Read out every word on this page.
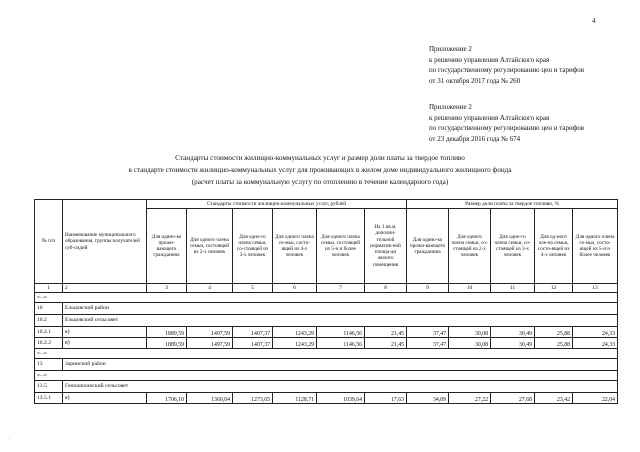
4
Приложение 2
к решению управления Алтайского края
по государственному регулированию цен и тарифов
от 31 октября 2017 года № 260
Приложение 2
к решению управления Алтайского края
по государственному регулированию цен и тарифов
от 23 декабря 2016 года № 674
Стандарты стоимости жилищно-коммунальных услуг и размер доли платы за твердое топливо
в стандарте стоимости жилищно-коммунальных услуг для проживающих в жилом доме индивидуального жилищного фонда
(расчет платы за коммунальную услугу по отоплению в течение календарного года)
№ п/п	Наименование муниципального образования, группы получателей суб-сидий	Стандарты стоимости жилищно-коммунальных услуг, рублей						Размер доли платы за твердое топливо, %				
		Для одино-ко прожи-вающего гражданина	Для одного члена семьи, состоящей из 2-х человек	Для одно-го члена семьи, со-стоящей из 3-х человек	Для одного члена се-мьи, состо-ящей из 4-х человек	Для одного члена семьи, состоящей из 5-и и более человек	На 1 кв.м. дополни-тельной норматив-ной площа-ди жилого помещения	Для одино-ко прожи-вающего гражданина	Для одного члена семьи, со-стоящей из 2-х человек	Для одно-го члена семьи, со-стоящей из 3-х человек	Для од-ного чле-на семьи, состо-ящей из 4-х человек	Для одного члена се-мьи, состо-ящей из 5-и и более человек
1	2	3	4	5	6	7	8	9	10	11	12	13
«...»												
10	Ельцовский район											
10.2	Ельцовский сельсовет											
10.2.1	а)	1889,59	1497,59	1407,37	1243,29	1146,56	21,45	37,47	30,08	30,49	25,88	24,33
10.2.2	в)	1889,59	1497,59	1407,37	1243,29	1146,56	21,45	37,47	30,08	30,49	25,88	24,33
«...»												
13	Заринский район											
«...»												
13.5	Гоношихинский сельсовет											
13.5.1	а)	1706,10	1360,04	1273,65	1128,71	1039,64	17,63	34,09	27,22	27,68	23,42	22,04
¦
